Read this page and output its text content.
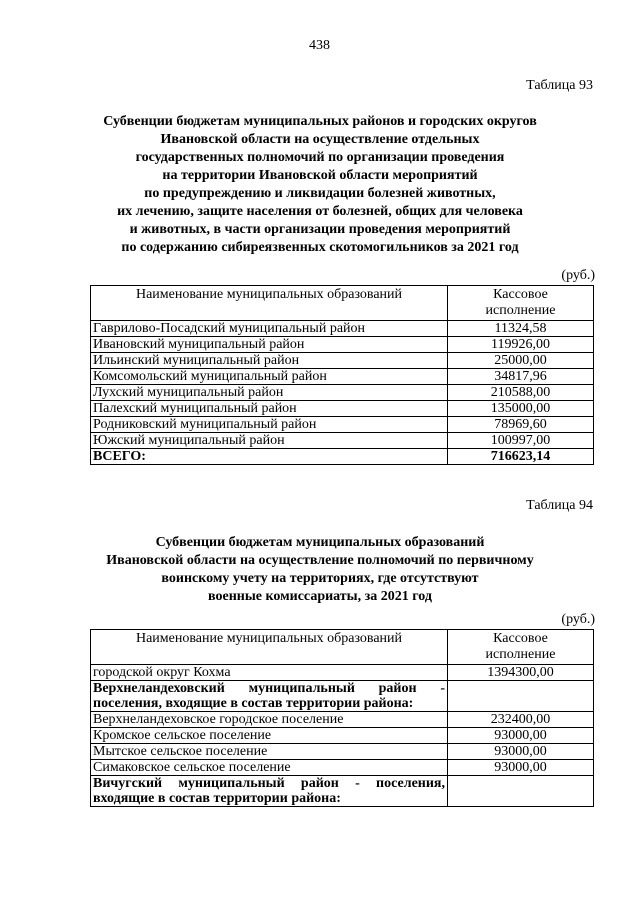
438
Таблица 93
Субвенции бюджетам муниципальных районов и городских округов
Ивановской области на осуществление отдельных
государственных полномочий по организации проведения
на территории Ивановской области мероприятий
по предупреждению и ликвидации болезней животных,
их лечению, защите населения от болезней, общих для человека
и животных, в части организации проведения мероприятий
по содержанию сибиреязвенных скотомогильников за 2021 год
(руб.)
Наименование муниципальных образований	Кассовое
исполнение

Гаврилово-Посадский муниципальный район	11324,58
Ивановский муниципальный район	119926,00
Ильинский муниципальный район	25000,00
Комсомольский муниципальный район	34817,96
Лухский муниципальный район	210588,00
Палехский муниципальный район	135000,00
Родниковский муниципальный район	78969,60
Южский муниципальный район	100997,00
ВСЕГО:	716623,14
Таблица 94
Субвенции бюджетам муниципальных образований
Ивановской области на осуществление полномочий по первичному
воинскому учету на территориях, где отсутствуют
военные комиссариаты, за 2021 год
(руб.)
Наименование муниципальных образований	Кассовое
исполнение

городской округ Кохма	1394300,00
Верхнеландеховский муниципальный район - поселения, входящие в состав территории района:	
Верхнеландеховское городское поселение	232400,00
Кромское сельское поселение	93000,00
Мытское сельское поселение	93000,00
Симаковское сельское поселение	93000,00
Вичугский муниципальный район - поселения, входящие в состав территории района:	
